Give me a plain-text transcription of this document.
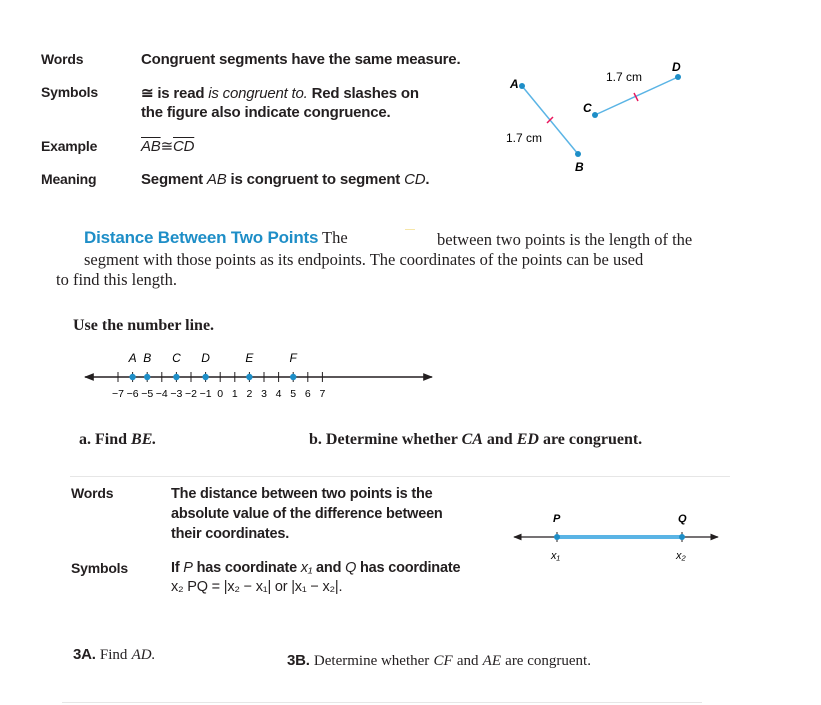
Words	Congruent segments have the same measure.
Symbols	≅ is read is congruent to. Red slashes on
the figure also indicate congruence.
Example	$\overline{AB}≅\overline{CD}$
Meaning	Segment AB is congruent to segment CD.
A
B
C
D
1.7 cm
1.7 cm
Distance Between Two Points The	between two points is the length of the
segment with those points as its endpoints. The coordinates of the points can be used
to find this length.
Use the number line.
−7 −6 −5 −4 −3 −2 −1 0 1 2 3 4 5 6 7
A B C D	E	F
a. Find BE.	b. Determine whether CA and ED are congruent.
Words	The distance between two points is the
absolute value of the difference between
their coordinates.
Symbols	If P has coordinate x₁ and Q has coordinate
x₂ PQ = |x₂ − x₁| or |x₁ − x₂|.
P	Q
x₁	x₂
3A. Find AD.	3B. Determine whether CF and AE are congruent.
